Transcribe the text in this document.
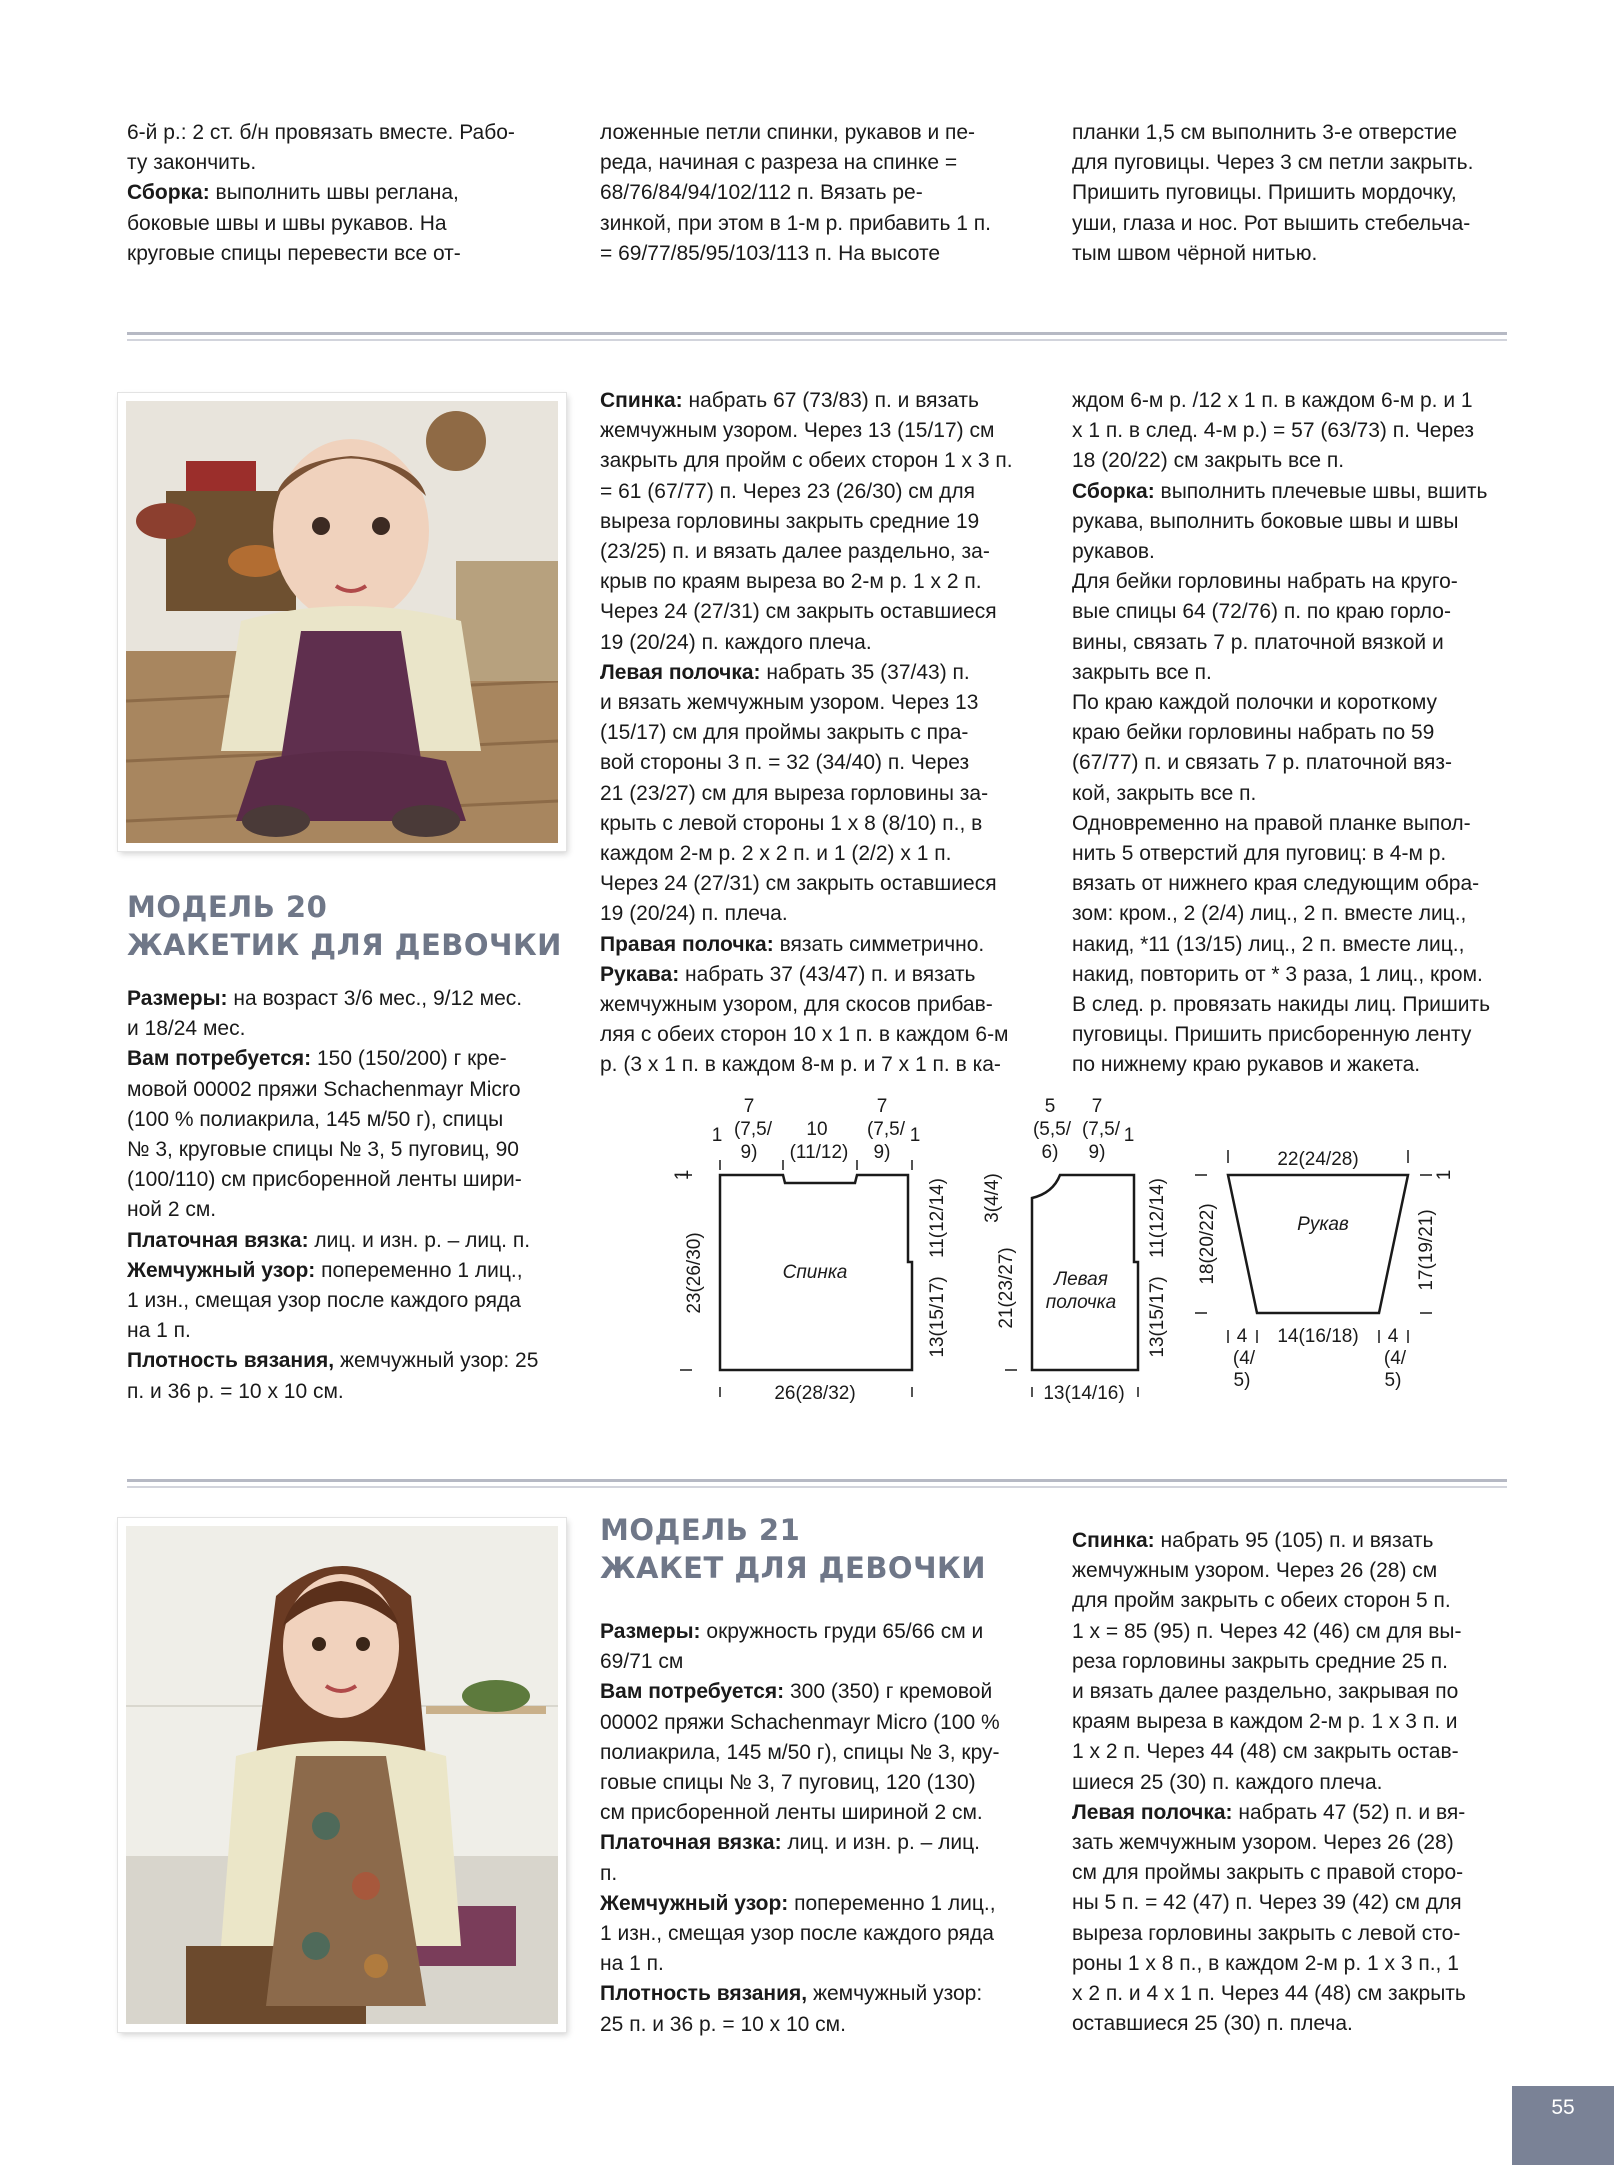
6-й р.: 2 ст. б/н провязать вместе. Рабо-

ту закончить.

Сборка: выполнить швы реглана,

боковые швы и швы рукавов. На

круговые спицы перевести все от-

ложенные петли спинки, рукавов и пе-

реда, начиная с разреза на спинке =

68/76/84/94/102/112 п. Вязать ре-

зинкой, при этом в 1-м р. прибавить 1 п.

= 69/77/85/95/103/113 п. На высоте

планки 1,5 см выполнить 3-е отверстие

для пуговицы. Через 3 см петли закрыть.

Пришить пуговицы. Пришить мордочку,

уши, глаза и нос. Рот вышить стебельча-

тым швом чёрной нитью.

МОДЕЛЬ 20
ЖАКЕТИК ДЛЯ ДЕВОЧКИ

Размеры: на возраст 3/6 мес., 9/12 мес.

и 18/24 мес.

Вам потребуется: 150 (150/200) г кре-

мовой 00002 пряжи Schachenmayr Micro

(100 % полиакрила, 145 м/50 г), спицы

№ 3, круговые спицы № 3, 5 пуговиц, 90

(100/110) см присборенной ленты шири-

ной 2 см.

Платочная вязка: лиц. и изн. р. – лиц. п.

Жемчужный узор: попеременно 1 лиц.,

1 изн., смещая узор после каждого ряда

на 1 п.

Плотность вязания, жемчужный узор: 25

п. и 36 р. = 10 х 10 см.

Спинка: набрать 67 (73/83) п. и вязать

жемчужным узором. Через 13 (15/17) см

закрыть для пройм с обеих сторон 1 х 3 п.

= 61 (67/77) п. Через 23 (26/30) см для

выреза горловины закрыть средние 19

(23/25) п. и вязать далее раздельно, за-

крыв по краям выреза во 2-м р. 1 х 2 п.

Через 24 (27/31) см закрыть оставшиеся

19 (20/24) п. каждого плеча.

Левая полочка: набрать 35 (37/43) п.

и вязать жемчужным узором. Через 13

(15/17) см для проймы закрыть с пра-

вой стороны 3 п. = 32 (34/40) п. Через

21 (23/27) см для выреза горловины за-

крыть с левой стороны 1 х 8 (8/10) п., в

каждом 2-м р. 2 х 2 п. и 1 (2/2) х 1 п.

Через 24 (27/31) см закрыть оставшиеся

19 (20/24) п. плеча.

Правая полочка: вязать симметрично.

Рукава: набрать 37 (43/47) п. и вязать

жемчужным узором, для скосов прибав-

ляя с обеих сторон 10 х 1 п. в каждом 6-м

р. (3 х 1 п. в каждом 8-м р. и 7 х 1 п. в ка-

ждом 6-м р. /12 х 1 п. в каждом 6-м р. и 1

х 1 п. в след. 4-м р.) = 57 (63/73) п. Через

18 (20/22) см закрыть все п.

Сборка: выполнить плечевые швы, вшить

рукава, выполнить боковые швы и швы

рукавов.

Для бейки горловины набрать на круго-

вые спицы 64 (72/76) п. по краю горло-

вины, связать 7 р. платочной вязкой и

закрыть все п.

По краю каждой полочки и короткому

краю бейки горловины набрать по 59

(67/77) п. и связать 7 р. платочной вяз-

кой, закрыть все п.

Одновременно на правой планке выпол-

нить 5 отверстий для пуговиц: в 4-м р.

вязать от нижнего края следующим обра-

зом: кром., 2 (2/4) лиц., 2 п. вместе лиц.,

накид, *11 (13/15) лиц., 2 п. вместе лиц.,

накид, повторить от * 3 раза, 1 лиц., кром.

В след. р. провязать накиды лиц. Пришить

пуговицы. Пришить присборенную ленту

по нижнему краю рукавов и жакета.

7
(7,5/
9)
10
(11/12)
7
(7,5/
9)
1	1
1
23(26/30)
11(12/14)
13(15/17)
Спинка
26(28/32)
5
(5,5/
6)
7
(7,5/
9)
1
3(4/4)
21(23/27)
11(12/14)
13(15/17)
Левая
полочка
13(14/16)
22(24/28)
Рукав
18(20/22)	17(19/21)
1
4
(4/
5)
14(16/18) 4
(4/
5)
МОДЕЛЬ 21
ЖАКЕТ ДЛЯ ДЕВОЧКИ

Размеры: окружность груди 65/66 см и

69/71 см

Вам потребуется: 300 (350) г кремовой

00002 пряжи Schachenmayr Micro (100 %

полиакрила, 145 м/50 г), спицы № 3, кру-

говые спицы № 3, 7 пуговиц, 120 (130)

см присборенной ленты шириной 2 см.

Платочная вязка: лиц. и изн. р. – лиц.

п.

Жемчужный узор: попеременно 1 лиц.,

1 изн., смещая узор после каждого ряда

на 1 п.

Плотность вязания, жемчужный узор:

25 п. и 36 р. = 10 х 10 см.

Спинка: набрать 95 (105) п. и вязать

жемчужным узором. Через 26 (28) см

для пройм закрыть с обеих сторон 5 п.

1 х = 85 (95) п. Через 42 (46) см для вы-

реза горловины закрыть средние 25 п.

и вязать далее раздельно, закрывая по

краям выреза в каждом 2-м р. 1 х 3 п. и

1 х 2 п. Через 44 (48) см закрыть остав-

шиеся 25 (30) п. каждого плеча.

Левая полочка: набрать 47 (52) п. и вя-

зать жемчужным узором. Через 26 (28)

см для проймы закрыть с правой сторо-

ны 5 п. = 42 (47) п. Через 39 (42) см для

выреза горловины закрыть с левой сто-

роны 1 х 8 п., в каждом 2-м р. 1 х 3 п., 1

х 2 п. и 4 х 1 п. Через 44 (48) см закрыть

оставшиеся 25 (30) п. плеча.

55
